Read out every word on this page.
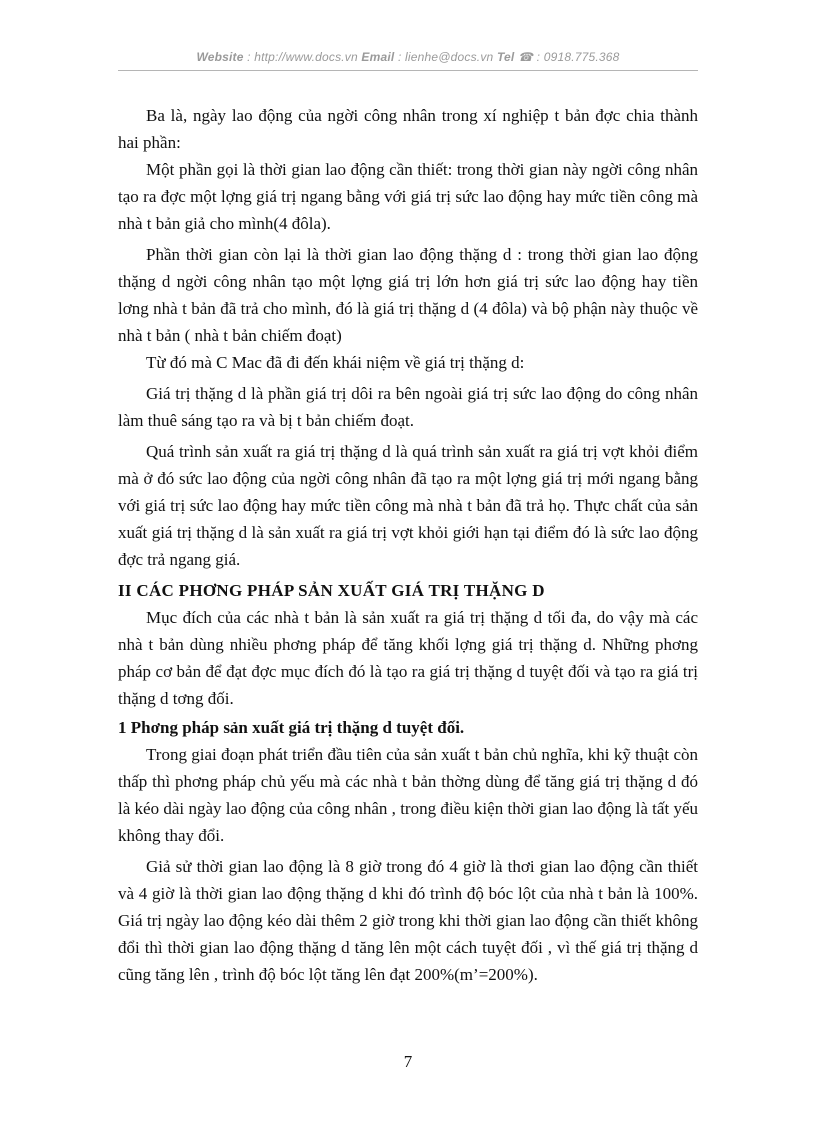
Website : http://www.docs.vn Email : lienhe@docs.vn Tel ☎ : 0918.775.368

Ba là, ngày lao động của ngời công nhân trong xí nghiệp t bản đợc chia thành hai phần:

Một phần gọi là thời gian lao động cần thiết: trong thời gian này ngời công nhân tạo ra đợc một lợng giá trị ngang bằng với giá trị sức lao động hay mức tiền công mà nhà t bản giả cho mình(4 đôla).

Phần thời gian còn lại là thời gian lao động thặng d : trong thời gian lao động thặng d ngời công nhân tạo một lợng giá trị lớn hơn giá trị sức lao động hay tiền lơng nhà t bản đã trả cho mình, đó là giá trị thặng d (4 đôla) và bộ phận này thuộc về nhà t bản ( nhà t bản chiếm đoạt)

Từ đó mà C Mac đã đi đến khái niệm về giá trị thặng d:

Giá trị thặng d là phần giá trị dôi ra bên ngoài giá trị sức lao động do công nhân làm thuê sáng tạo ra và bị t bản chiếm đoạt.

Quá trình sản xuất ra giá trị thặng d là quá trình sản xuất ra giá trị vợt khỏi điểm mà ở đó sức lao động của ngời công nhân đã tạo ra một lợng giá trị mới ngang bằng với giá trị sức lao động hay mức tiền công mà nhà t bản đã trả họ. Thực chất của sản xuất giá trị thặng d là sản xuất ra giá trị vợt khỏi giới hạn tại điểm đó là sức lao động đợc trả ngang giá.

II CÁC PHƠNG PHÁP SẢN XUẤT GIÁ TRỊ THẶNG D

Mục đích của các nhà t bản là sản xuất ra giá trị thặng d tối đa, do vậy mà các nhà t bản dùng nhiều phơng pháp để tăng khối lợng giá trị thặng d. Những phơng pháp cơ bản để đạt đợc mục đích đó là tạo ra giá trị thặng d tuyệt đối và tạo ra giá trị thặng d tơng đối.

1 Phơng pháp sản xuất giá trị thặng d tuyệt đối.

Trong giai đoạn phát triển đầu tiên của sản xuất t bản chủ nghĩa, khi kỹ thuật còn thấp thì phơng pháp chủ yếu mà các nhà t bản thờng dùng để tăng giá trị thặng d đó là kéo dài ngày lao động của công nhân , trong điều kiện thời gian lao động là tất yếu không thay đổi.

Giả sử thời gian lao động là 8 giờ trong đó 4 giờ là thơi gian lao động cần thiết và 4 giờ là thời gian lao động thặng d khi đó trình độ bóc lột của nhà t bản là 100%. Giá trị ngày lao động kéo dài thêm 2 giờ trong khi thời gian lao động cần thiết không đổi thì thời gian lao động thặng d tăng lên một cách tuyệt đối , vì thế giá trị thặng d cũng tăng lên , trình độ bóc lột tăng lên đạt 200%(m’=200%).

7
